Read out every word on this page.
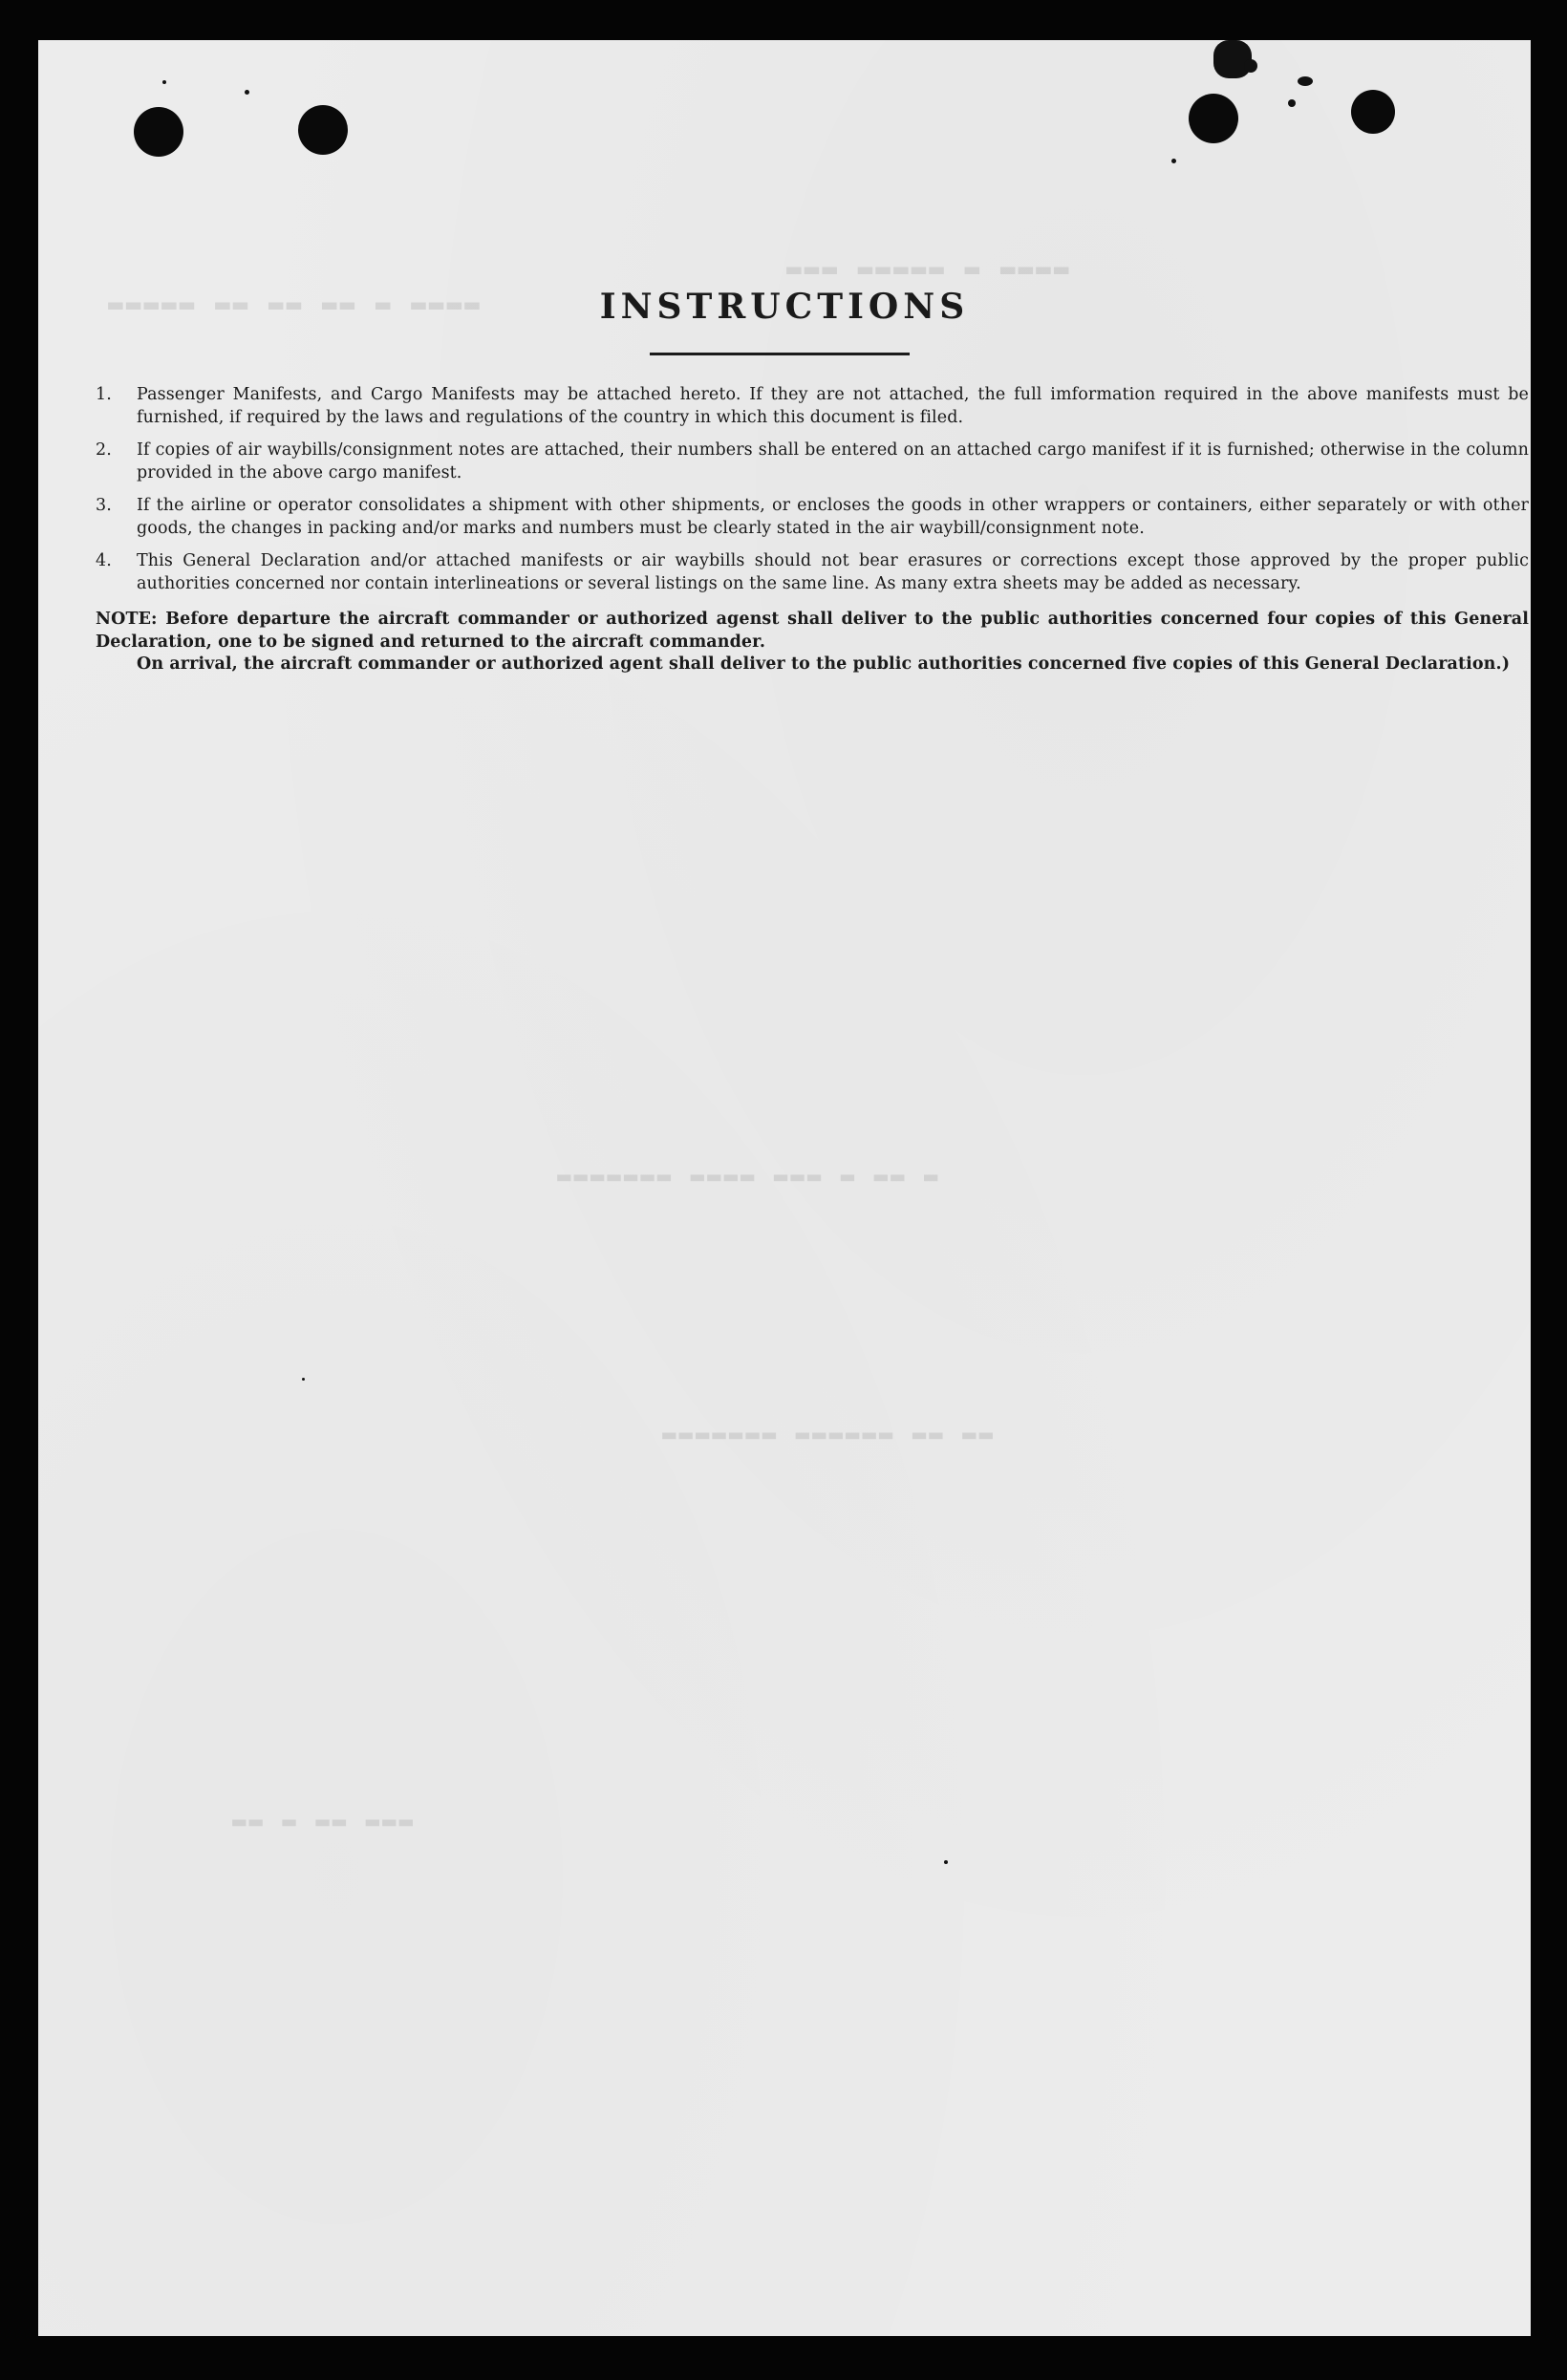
▬▬▬▬ ▬ ▬▬▬▬▬ ▬▬▬
▬▬▬▬ ▬ ▬▬ ▬▬ ▬▬ ▬▬▬▬▬
▬ ▬▬ ▬ ▬▬▬ ▬▬▬▬ ▬▬▬▬▬▬▬
▬▬ ▬▬ ▬▬▬▬▬▬ ▬▬▬▬▬▬▬
▬▬▬ ▬▬ ▬ ▬▬
INSTRUCTIONS
1.	Passenger Manifests, and Cargo Manifests may be attached hereto. If they are not attached, the full imformation required in the above manifests must be furnished, if required by the laws and regulations of the country in which this document is filed.
2.	If copies of air waybills/consignment notes are attached, their numbers shall be entered on an attached cargo manifest if it is furnished; otherwise in the column provided in the above cargo manifest.
3.	If the airline or operator consolidates a shipment with other shipments, or encloses the goods in other wrappers or containers, either separately or with other goods, the changes in packing and/or marks and numbers must be clearly stated in the air waybill/consignment note.
4.	This General Declaration and/or attached manifests or air waybills should not bear erasures or corrections except those approved by the proper public authorities concerned nor contain interlineations or several listings on the same line. As many extra sheets may be added as necessary.
NOTE: Before departure the aircraft commander or authorized agenst shall deliver to the public authorities concerned four copies of this General Declaration, one to be signed and returned to the aircraft commander.
On arrival, the aircraft commander or authorized agent shall deliver to the public authorities concerned five copies of this General Declaration.)
